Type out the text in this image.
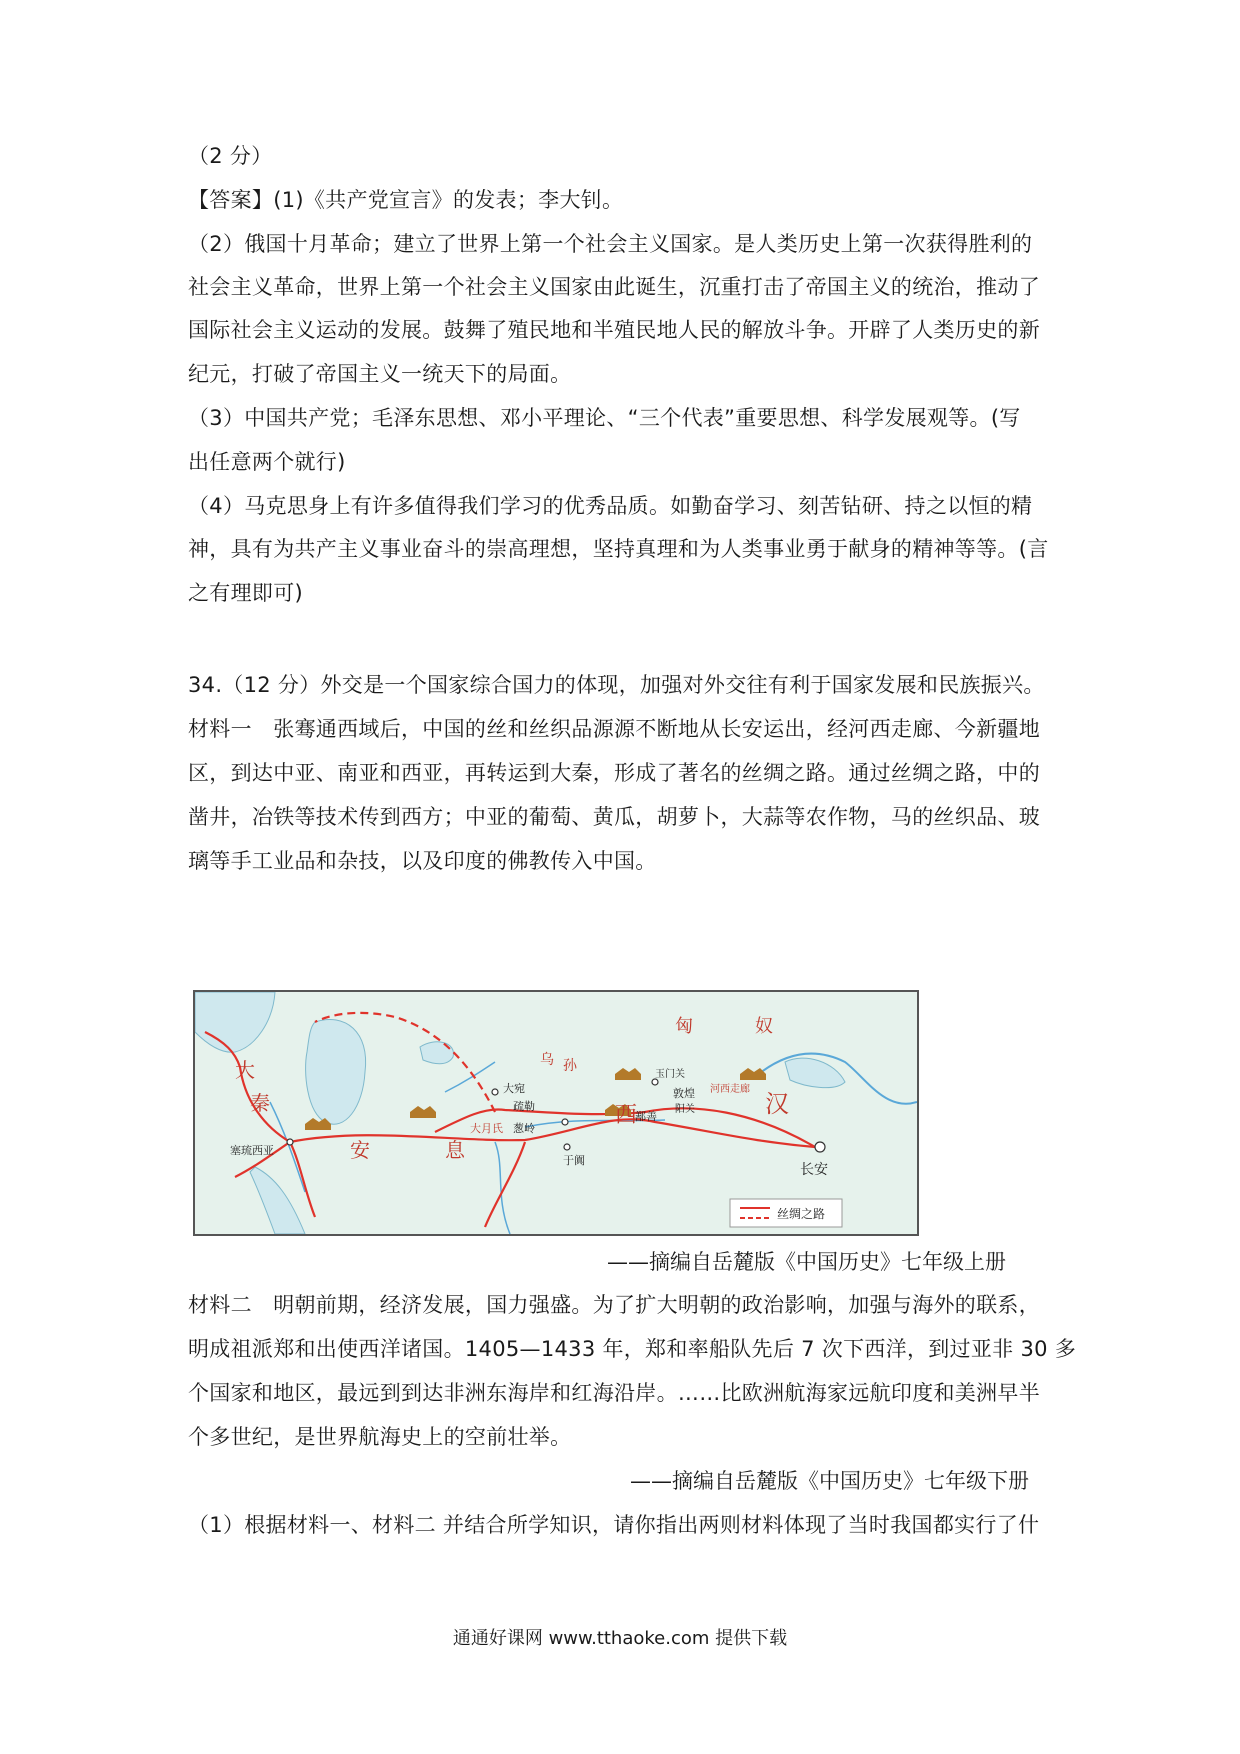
（2 分）
【答案】(1)《共产党宣言》的发表；李大钊。
（2）俄国十月革命；建立了世界上第一个社会主义国家。是人类历史上第一次获得胜利的
社会主义革命，世界上第一个社会主义国家由此诞生，沉重打击了帝国主义的统治，推动了
国际社会主义运动的发展。鼓舞了殖民地和半殖民地人民的解放斗争。开辟了人类历史的新
纪元，打破了帝国主义一统天下的局面。
（3）中国共产党；毛泽东思想、邓小平理论、“三个代表”重要思想、科学发展观等。(写
出任意两个就行)
（4）马克思身上有许多值得我们学习的优秀品质。如勤奋学习、刻苦钻研、持之以恒的精
神，具有为共产主义事业奋斗的崇高理想，坚持真理和为人类事业勇于献身的精神等等。(言
之有理即可)
34.（12 分）外交是一个国家综合国力的体现，加强对外交往有利于国家发展和民族振兴。
材料一　张骞通西域后，中国的丝和丝织品源源不断地从长安运出，经河西走廊、今新疆地
区，到达中亚、南亚和西亚，再转运到大秦，形成了著名的丝绸之路。通过丝绸之路，中的
凿井，冶铁等技术传到西方；中亚的葡萄、黄瓜，胡萝卜，大蒜等农作物，马的丝织品、玻
璃等手工业品和杂技，以及印度的佛教传入中国。
匈	奴
乌 孙
大
秦
安	息
西	汉
大宛
疏勒
葱岭
大月氏
玉门关
敦煌
阳关
鄯善
于阗
河西走廊
长安
塞琉西亚
丝绸之路
——摘编自岳麓版《中国历史》七年级上册
材料二　明朝前期，经济发展，国力强盛。为了扩大明朝的政治影响，加强与海外的联系，
明成祖派郑和出使西洋诸国。1405—1433 年，郑和率船队先后 7 次下西洋，到过亚非 30 多
个国家和地区，最远到到达非洲东海岸和红海沿岸。……比欧洲航海家远航印度和美洲早半
个多世纪，是世界航海史上的空前壮举。
——摘编自岳麓版《中国历史》七年级下册
（1）根据材料一、材料二 并结合所学知识，请你指出两则材料体现了当时我国都实行了什
通通好课网 www.tthaoke.com 提供下载
